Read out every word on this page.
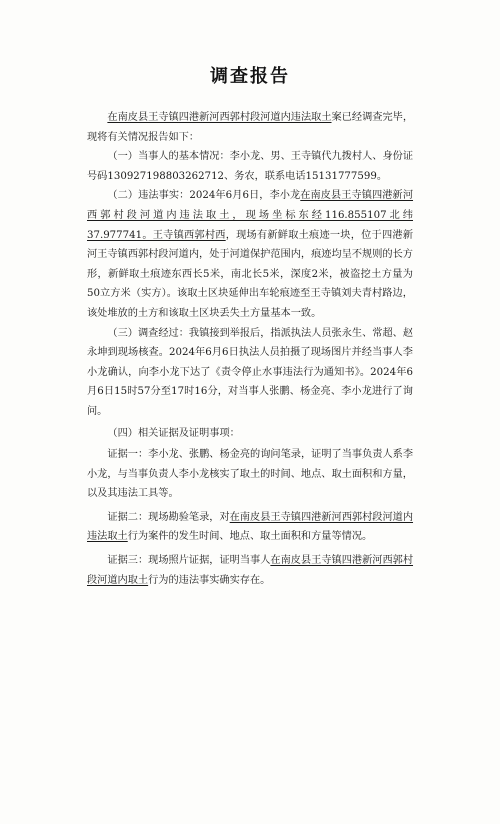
调查报告

在南皮县王寺镇四港新河西郭村段河道内违法取土案已经调查完毕，现将有关情况报告如下：

（一）当事人的基本情况：李小龙、男、王寺镇代九拨村人、身份证号码130927198803262712、务农，联系电话15131777599。

（二）违法事实：2024年6月6日，李小龙在南皮县王寺镇四港新河西郭村段河道内违法取土，现场坐标东经116.855107北纬37.977741。王寺镇西郭村西，现场有新鲜取土痕迹一块，位于四港新河王寺镇西郭村段河道内，处于河道保护范围内，痕迹均呈不规则的长方形，新鲜取土痕迹东西长5米，南北长5米，深度2米，被盗挖土方量为50立方米（实方）。该取土区块延伸出车轮痕迹至王寺镇刘夫青村路边，该处堆放的土方和该取土区块丢失土方量基本一致。

（三）调查经过：我镇接到举报后，指派执法人员张永生、常超、赵永坤到现场核查。2024年6月6日执法人员拍摄了现场图片并经当事人李小龙确认，向李小龙下达了《责令停止水事违法行为通知书》。2024年6月6日15时57分至17时16分，对当事人张鹏、杨金亮、李小龙进行了询问。

（四）相关证据及证明事项：

证据一：李小龙、张鹏、杨金亮的询问笔录，证明了当事负责人系李小龙，与当事负责人李小龙核实了取土的时间、地点、取土面积和方量，以及其违法工具等。

证据二：现场勘验笔录，对在南皮县王寺镇四港新河西郭村段河道内违法取土行为案件的发生时间、地点、取土面积和方量等情况。

证据三：现场照片证据，证明当事人在南皮县王寺镇四港新河西郭村段河道内取土行为的违法事实确实存在。
